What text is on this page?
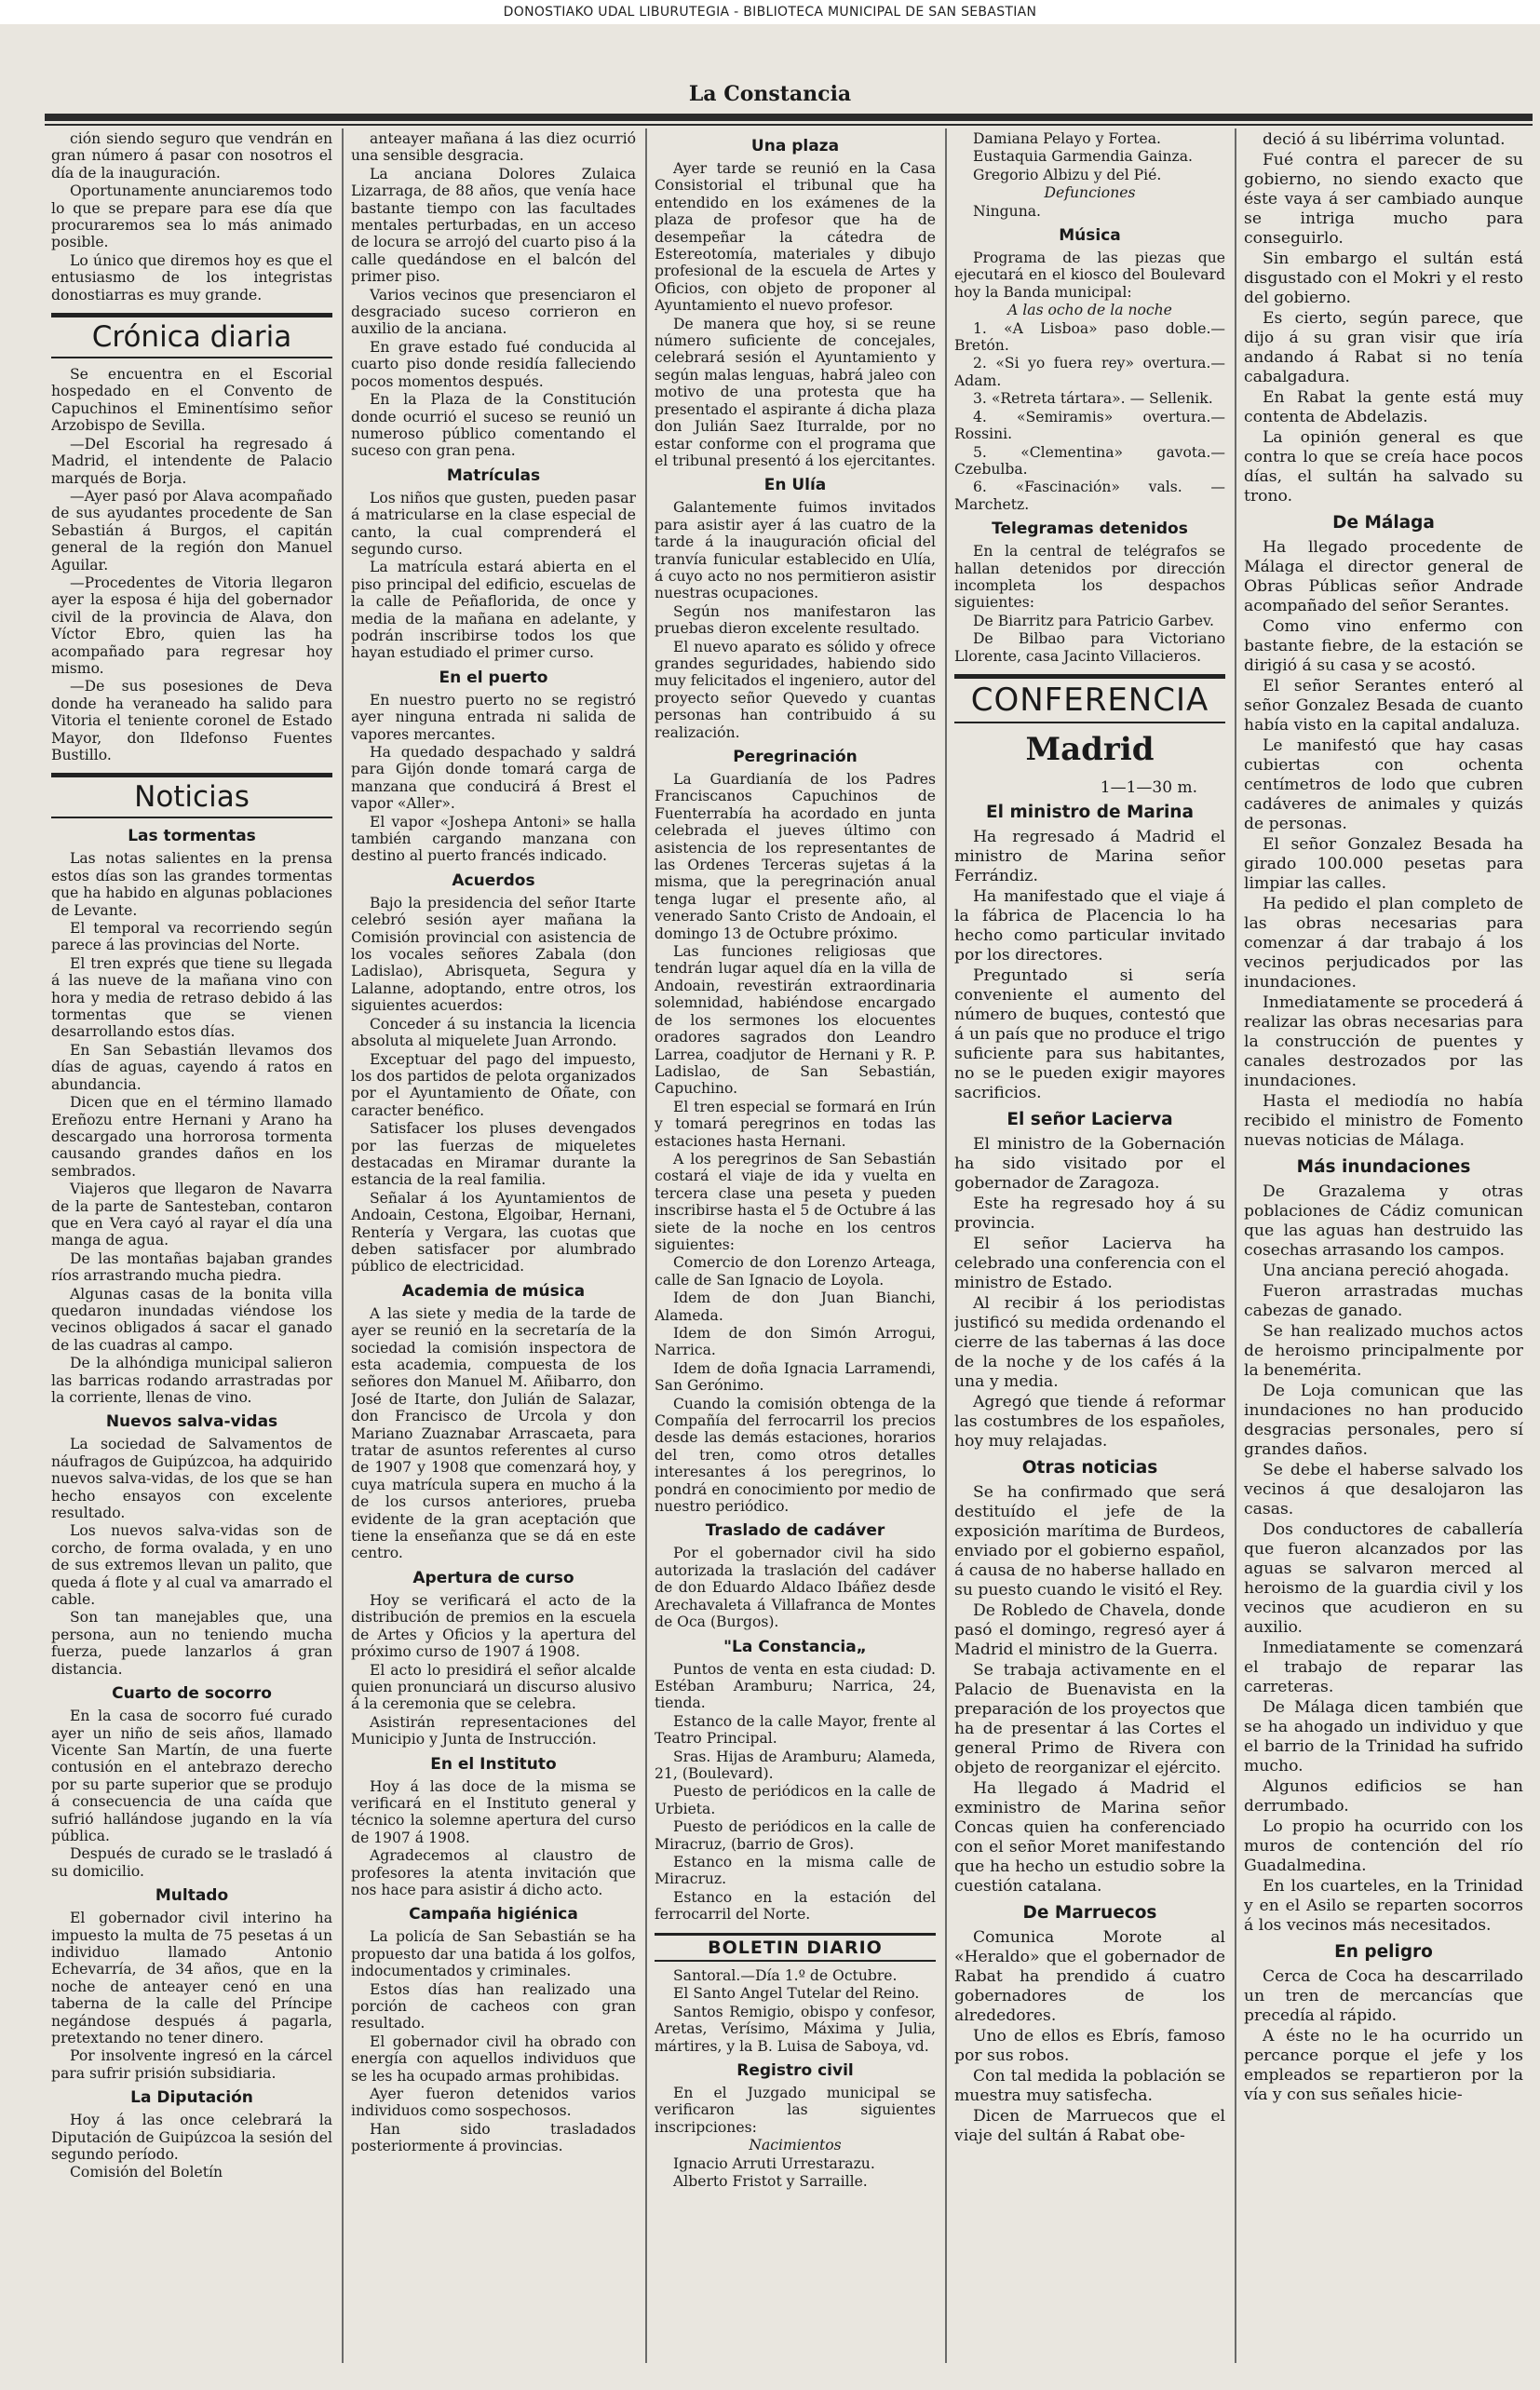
DONOSTIAKO UDAL LIBURUTEGIA - BIBLIOTECA MUNICIPAL DE SAN SEBASTIAN
La Constancia

ción siendo seguro que vendrán en gran número á pasar con nosotros el día de la inauguración.

Oportunamente anunciaremos todo lo que se prepare para ese día que procuraremos sea lo más animado posible.

Lo único que diremos hoy es que el entusiasmo de los integristas donostiarras es muy grande.

Crónica diaria

Se encuentra en el Escorial hospedado en el Convento de Capuchinos el Eminentísimo señor Arzobispo de Sevilla.

—Del Escorial ha regresado á Madrid, el intendente de Palacio marqués de Borja.

—Ayer pasó por Alava acompañado de sus ayudantes procedente de San Sebastián á Burgos, el capitán general de la región don Manuel Aguilar.

—Procedentes de Vitoria llegaron ayer la esposa é hija del gobernador civil de la provincia de Alava, don Víctor Ebro, quien las ha acompañado para regresar hoy mismo.

—De sus posesiones de Deva donde ha veraneado ha salido para Vitoria el teniente coronel de Estado Mayor, don Ildefonso Fuentes Bustillo.

Noticias
Las tormentas

Las notas salientes en la prensa estos días son las grandes tormentas que ha habido en algunas poblaciones de Levante.

El temporal va recorriendo según parece á las provincias del Norte.

El tren exprés que tiene su llegada á las nueve de la mañana vino con hora y media de retraso debido á las tormentas que se vienen desarrollando estos días.

En San Sebastián llevamos dos días de aguas, cayendo á ratos en abundancia.

Dicen que en el término llamado Ereñozu entre Hernani y Arano ha descargado una horrorosa tormenta causando grandes daños en los sembrados.

Viajeros que llegaron de Navarra de la parte de Santesteban, contaron que en Vera cayó al rayar el día una manga de agua.

De las montañas bajaban grandes ríos arrastrando mucha piedra.

Algunas casas de la bonita villa quedaron inundadas viéndose los vecinos obligados á sacar el ganado de las cuadras al campo.

De la alhóndiga municipal salieron las barricas rodando arrastradas por la corriente, llenas de vino.

Nuevos salva-vidas

La sociedad de Salvamentos de náufragos de Guipúzcoa, ha adquirido nuevos salva-vidas, de los que se han hecho ensayos con excelente resultado.

Los nuevos salva-vidas son de corcho, de forma ovalada, y en uno de sus extremos llevan un palito, que queda á flote y al cual va amarrado el cable.

Son tan manejables que, una persona, aun no teniendo mucha fuerza, puede lanzarlos á gran distancia.

Cuarto de socorro

En la casa de socorro fué curado ayer un niño de seis años, llamado Vicente San Martín, de una fuerte contusión en el antebrazo derecho por su parte superior que se produjo á consecuencia de una caída que sufrió hallándose jugando en la vía pública.

Después de curado se le trasladó á su domicilio.

Multado

El gobernador civil interino ha impuesto la multa de 75 pesetas á un individuo llamado Antonio Echevarría, de 34 años, que en la noche de anteayer cenó en una taberna de la calle del Príncipe negándose después á pagarla, pretextando no tener dinero.

Por insolvente ingresó en la cárcel para sufrir prisión subsidiaria.

La Diputación

Hoy á las once celebrará la Diputación de Guipúzcoa la sesión del segundo período.

Comisión del Boletín

anteayer mañana á las diez ocurrió una sensible desgracia.

La anciana Dolores Zulaica Lizarraga, de 88 años, que venía hace bastante tiempo con las facultades mentales perturbadas, en un acceso de locura se arrojó del cuarto piso á la calle quedándose en el balcón del primer piso.

Varios vecinos que presenciaron el desgraciado suceso corrieron en auxilio de la anciana.

En grave estado fué conducida al cuarto piso donde residía falleciendo pocos momentos después.

En la Plaza de la Constitución donde ocurrió el suceso se reunió un numeroso público comentando el suceso con gran pena.

Matrículas

Los niños que gusten, pueden pasar á matricularse en la clase especial de canto, la cual comprenderá el segundo curso.

La matrícula estará abierta en el piso principal del edificio, escuelas de la calle de Peñaflorida, de once y media de la mañana en adelante, y podrán inscribirse todos los que hayan estudiado el primer curso.

En el puerto

En nuestro puerto no se registró ayer ninguna entrada ni salida de vapores mercantes.

Ha quedado despachado y saldrá para Gijón donde tomará carga de manzana que conducirá á Brest el vapor «Aller».

El vapor «Joshepa Antoni» se halla también cargando manzana con destino al puerto francés indicado.

Acuerdos

Bajo la presidencia del señor Itarte celebró sesión ayer mañana la Comisión provincial con asistencia de los vocales señores Zabala (don Ladislao), Abrisqueta, Segura y Lalanne, adoptando, entre otros, los siguientes acuerdos:

Conceder á su instancia la licencia absoluta al miquelete Juan Arrondo.

Exceptuar del pago del impuesto, los dos partidos de pelota organizados por el Ayuntamiento de Oñate, con caracter benéfico.

Satisfacer los pluses devengados por las fuerzas de miqueletes destacadas en Miramar durante la estancia de la real familia.

Señalar á los Ayuntamientos de Andoain, Cestona, Elgoibar, Hernani, Rentería y Vergara, las cuotas que deben satisfacer por alumbrado público de electricidad.

Academia de música

A las siete y media de la tarde de ayer se reunió en la secretaría de la sociedad la comisión inspectora de esta academia, compuesta de los señores don Manuel M. Añibarro, don José de Itarte, don Julián de Salazar, don Francisco de Urcola y don Mariano Zuaznabar Arrascaeta, para tratar de asuntos referentes al curso de 1907 y 1908 que comenzará hoy, y cuya matrícula supera en mucho á la de los cursos anteriores, prueba evidente de la gran aceptación que tiene la enseñanza que se dá en este centro.

Apertura de curso

Hoy se verificará el acto de la distribución de premios en la escuela de Artes y Oficios y la apertura del próximo curso de 1907 á 1908.

El acto lo presidirá el señor alcalde quien pronunciará un discurso alusivo á la ceremonia que se celebra.

Asistirán representaciones del Municipio y Junta de Instrucción.

En el Instituto

Hoy á las doce de la misma se verificará en el Instituto general y técnico la solemne apertura del curso de 1907 á 1908.

Agradecemos al claustro de profesores la atenta invitación que nos hace para asistir á dicho acto.

Campaña higiénica

La policía de San Sebastián se ha propuesto dar una batida á los golfos, indocumentados y criminales.

Estos días han realizado una porción de cacheos con gran resultado.

El gobernador civil ha obrado con energía con aquellos individuos que se les ha ocupado armas prohibidas.

Ayer fueron detenidos varios individuos como sospechosos.

Han sido trasladados posteriormente á provincias.

Una plaza

Ayer tarde se reunió en la Casa Consistorial el tribunal que ha entendido en los exámenes de la plaza de profesor que ha de desempeñar la cátedra de Estereotomía, materiales y dibujo profesional de la escuela de Artes y Oficios, con objeto de proponer al Ayuntamiento el nuevo profesor.

De manera que hoy, si se reune número suficiente de concejales, celebrará sesión el Ayuntamiento y según malas lenguas, habrá jaleo con motivo de una protesta que ha presentado el aspirante á dicha plaza don Julián Saez Iturralde, por no estar conforme con el programa que el tribunal presentó á los ejercitantes.

En Ulía

Galantemente fuimos invitados para asistir ayer á las cuatro de la tarde á la inauguración oficial del tranvía funicular establecido en Ulía, á cuyo acto no nos permitieron asistir nuestras ocupaciones.

Según nos manifestaron las pruebas dieron excelente resultado.

El nuevo aparato es sólido y ofrece grandes seguridades, habiendo sido muy felicitados el ingeniero, autor del proyecto señor Quevedo y cuantas personas han contribuido á su realización.

Peregrinación

La Guardianía de los Padres Franciscanos Capuchinos de Fuenterrabía ha acordado en junta celebrada el jueves último con asistencia de los representantes de las Ordenes Terceras sujetas á la misma, que la peregrinación anual tenga lugar el presente año, al venerado Santo Cristo de Andoain, el domingo 13 de Octubre próximo.

Las funciones religiosas que tendrán lugar aquel día en la villa de Andoain, revestirán extraordinaria solemnidad, habiéndose encargado de los sermones los elocuentes oradores sagrados don Leandro Larrea, coadjutor de Hernani y R. P. Ladislao, de San Sebastián, Capuchino.

El tren especial se formará en Irún y tomará peregrinos en todas las estaciones hasta Hernani.

A los peregrinos de San Sebastián costará el viaje de ida y vuelta en tercera clase una peseta y pueden inscribirse hasta el 5 de Octubre á las siete de la noche en los centros siguientes:

Comercio de don Lorenzo Arteaga, calle de San Ignacio de Loyola.

Idem de don Juan Bianchi, Alameda.

Idem de don Simón Arrogui, Narrica.

Idem de doña Ignacia Larramendi, San Gerónimo.

Cuando la comisión obtenga de la Compañía del ferrocarril los precios desde las demás estaciones, horarios del tren, como otros detalles interesantes á los peregrinos, lo pondrá en conocimiento por medio de nuestro periódico.

Traslado de cadáver

Por el gobernador civil ha sido autorizada la traslación del cadáver de don Eduardo Aldaco Ibáñez desde Arechavaleta á Villafranca de Montes de Oca (Burgos).

"La Constancia„

Puntos de venta en esta ciudad: D. Estéban Aramburu; Narrica, 24, tienda.

Estanco de la calle Mayor, frente al Teatro Principal.

Sras. Hijas de Aramburu; Alameda, 21, (Boulevard).

Puesto de periódicos en la calle de Urbieta.

Puesto de periódicos en la calle de Miracruz, (barrio de Gros).

Estanco en la misma calle de Miracruz.

Estanco en la estación del ferrocarril del Norte.

BOLETIN DIARIO

Santoral.—Día 1.º de Octubre.

El Santo Angel Tutelar del Reino.

Santos Remigio, obispo y confesor, Aretas, Verísimo, Máxima y Julia, mártires, y la B. Luisa de Saboya, vd.

Registro civil

En el Juzgado municipal se verificaron las siguientes inscripciones:

Nacimientos

Ignacio Arruti Urrestarazu.

Alberto Fristot y Sarraille.

Damiana Pelayo y Fortea.

Eustaquia Garmendia Gainza.

Gregorio Albizu y del Pié.

Defunciones

Ninguna.

Música

Programa de las piezas que ejecutará en el kiosco del Boulevard hoy la Banda municipal:

A las ocho de la noche

1. «A Lisboa» paso doble.—Bretón.

2. «Si yo fuera rey» overtura.—Adam.

3. «Retreta tártara». — Sellenik.

4. «Semiramis» overtura.—Rossini.

5. «Clementina» gavota.—Czebulba.

6. «Fascinación» vals. — Marchetz.

Telegramas detenidos

En la central de telégrafos se hallan detenidos por dirección incompleta los despachos siguientes:

De Biarritz para Patricio Garbev.

De Bilbao para Victoriano Llorente, casa Jacinto Villacieros.

CONFERENCIA
Madrid

1—1—30 m.

El ministro de Marina

Ha regresado á Madrid el ministro de Marina señor Ferrándiz.

Ha manifestado que el viaje á la fábrica de Placencia lo ha hecho como particular invitado por los directores.

Preguntado si sería conveniente el aumento del número de buques, contestó que á un país que no produce el trigo suficiente para sus habitantes, no se le pueden exigir mayores sacrificios.

El señor Lacierva

El ministro de la Gobernación ha sido visitado por el gobernador de Zaragoza.

Este ha regresado hoy á su provincia.

El señor Lacierva ha celebrado una conferencia con el ministro de Estado.

Al recibir á los periodistas justificó su medida ordenando el cierre de las tabernas á las doce de la noche y de los cafés á la una y media.

Agregó que tiende á reformar las costumbres de los españoles, hoy muy relajadas.

Otras noticias

Se ha confirmado que será destituído el jefe de la exposición marítima de Burdeos, enviado por el gobierno español, á causa de no haberse hallado en su puesto cuando le visitó el Rey.

De Robledo de Chavela, donde pasó el domingo, regresó ayer á Madrid el ministro de la Guerra.

Se trabaja activamente en el Palacio de Buenavista en la preparación de los proyectos que ha de presentar á las Cortes el general Primo de Rivera con objeto de reorganizar el ejército.

Ha llegado á Madrid el exministro de Marina señor Concas quien ha conferenciado con el señor Moret manifestando que ha hecho un estudio sobre la cuestión catalana.

De Marruecos

Comunica Morote al «Heraldo» que el gobernador de Rabat ha prendido á cuatro gobernadores de los alrededores.

Uno de ellos es Ebrís, famoso por sus robos.

Con tal medida la población se muestra muy satisfecha.

Dicen de Marruecos que el viaje del sultán á Rabat obe-

deció á su libérrima voluntad.

Fué contra el parecer de su gobierno, no siendo exacto que éste vaya á ser cambiado aunque se intriga mucho para conseguirlo.

Sin embargo el sultán está disgustado con el Mokri y el resto del gobierno.

Es cierto, según parece, que dijo á su gran visir que iría andando á Rabat si no tenía cabalgadura.

En Rabat la gente está muy contenta de Abdelazis.

La opinión general es que contra lo que se creía hace pocos días, el sultán ha salvado su trono.

De Málaga

Ha llegado procedente de Málaga el director general de Obras Públicas señor Andrade acompañado del señor Serantes.

Como vino enfermo con bastante fiebre, de la estación se dirigió á su casa y se acostó.

El señor Serantes enteró al señor Gonzalez Besada de cuanto había visto en la capital andaluza.

Le manifestó que hay casas cubiertas con ochenta centímetros de lodo que cubren cadáveres de animales y quizás de personas.

El señor Gonzalez Besada ha girado 100.000 pesetas para limpiar las calles.

Ha pedido el plan completo de las obras necesarias para comenzar á dar trabajo á los vecinos perjudicados por las inundaciones.

Inmediatamente se procederá á realizar las obras necesarias para la construcción de puentes y canales destrozados por las inundaciones.

Hasta el mediodía no había recibido el ministro de Fomento nuevas noticias de Málaga.

Más inundaciones

De Grazalema y otras poblaciones de Cádiz comunican que las aguas han destruido las cosechas arrasando los campos.

Una anciana pereció ahogada.

Fueron arrastradas muchas cabezas de ganado.

Se han realizado muchos actos de heroismo principalmente por la benemérita.

De Loja comunican que las inundaciones no han producido desgracias personales, pero sí grandes daños.

Se debe el haberse salvado los vecinos á que desalojaron las casas.

Dos conductores de caballería que fueron alcanzados por las aguas se salvaron merced al heroismo de la guardia civil y los vecinos que acudieron en su auxilio.

Inmediatamente se comenzará el trabajo de reparar las carreteras.

De Málaga dicen también que se ha ahogado un individuo y que el barrio de la Trinidad ha sufrido mucho.

Algunos edificios se han derrumbado.

Lo propio ha ocurrido con los muros de contención del río Guadalmedina.

En los cuarteles, en la Trinidad y en el Asilo se reparten socorros á los vecinos más necesitados.

En peligro

Cerca de Coca ha descarrilado un tren de mercancías que precedía al rápido.

A éste no le ha ocurrido un percance porque el jefe y los empleados se repartieron por la vía y con sus señales hicie-
